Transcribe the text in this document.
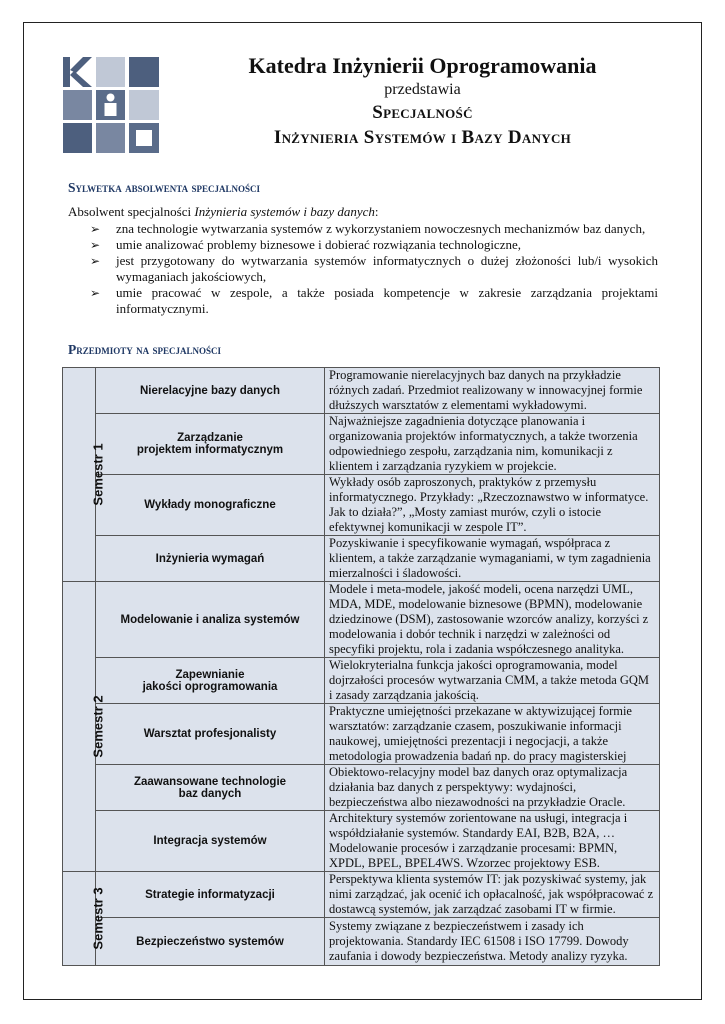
Katedra Inżynierii Oprogramowania
przedstawia
Specjalność
Inżynieria Systemów i Bazy Danych
Sylwetka absolwenta specjalności
Absolwent specjalności Inżynieria systemów i bazy danych:
➢	zna technologie wytwarzania systemów z wykorzystaniem nowoczesnych mechanizmów baz danych,
➢	umie analizować problemy biznesowe i dobierać rozwiązania technologiczne,
➢	jest przygotowany do wytwarzania systemów informatycznych o dużej złożoności lub/i wysokich wymaganiach jakościowych,
➢	umie pracować w zespole, a także posiada kompetencje w zakresie zarządzania projektami informatycznymi.
Przedmioty na specjalności
Semestr 1	Nierelacyjne bazy danych	Programowanie nierelacyjnych baz danych na przykładzie różnych zadań. Przedmiot realizowany w innowacyjnej formie dłuższych warsztatów z elementami wykładowymi.
	Zarządzanie
projektem informatycznym	Najważniejsze zagadnienia dotyczące planowania i organizowania projektów informatycznych, a także tworzenia odpowiedniego zespołu, zarządzania nim, komunikacji z klientem i zarządzania ryzykiem w projekcie.
	Wykłady monograficzne	Wykłady osób zaproszonych, praktyków z przemysłu informatycznego. Przykłady: „Rzeczoznawstwo w informatyce. Jak to działa?”, „Mosty zamiast murów, czyli o istocie efektywnej komunikacji w zespole IT”.
	Inżynieria wymagań	Pozyskiwanie i specyfikowanie wymagań, współpraca z klientem, a także zarządzanie wymaganiami, w tym zagadnienia mierzalności i śladowości.
Semestr 2	Modelowanie i analiza systemów	Modele i meta-modele, jakość modeli, ocena narzędzi UML, MDA, MDE, modelowanie biznesowe (BPMN), modelowanie dziedzinowe (DSM), zastosowanie wzorców analizy, korzyści z modelowania i dobór technik i narzędzi w zależności od specyfiki projektu, rola i zadania współczesnego analityka.
	Zapewnianie
jakości oprogramowania	Wielokryterialna funkcja jakości oprogramowania, model dojrzałości procesów wytwarzania CMM, a także metoda GQM i zasady zarządzania jakością.
	Warsztat profesjonalisty	Praktyczne umiejętności przekazane w aktywizującej formie warsztatów: zarządzanie czasem, poszukiwanie informacji naukowej, umiejętności prezentacji i negocjacji, a także metodologia prowadzenia badań np. do pracy magisterskiej
	Zaawansowane technologie
baz danych	Obiektowo-relacyjny model baz danych oraz optymalizacja działania baz danych z perspektywy: wydajności, bezpieczeństwa albo niezawodności na przykładzie Oracle.
	Integracja systemów	Architektury systemów zorientowane na usługi, integracja i współdziałanie systemów. Standardy EAI, B2B, B2A, … Modelowanie procesów i zarządzanie procesami: BPMN, XPDL, BPEL, BPEL4WS. Wzorzec projektowy ESB.
Semestr 3	Strategie informatyzacji	Perspektywa klienta systemów IT: jak pozyskiwać systemy, jak nimi zarządzać, jak ocenić ich opłacalność, jak współpracować z dostawcą systemów, jak zarządzać zasobami IT w firmie.
	Bezpieczeństwo systemów	Systemy związane z bezpieczeństwem i zasady ich projektowania. Standardy IEC 61508 i ISO 17799. Dowody zaufania i dowody bezpieczeństwa. Metody analizy ryzyka.
